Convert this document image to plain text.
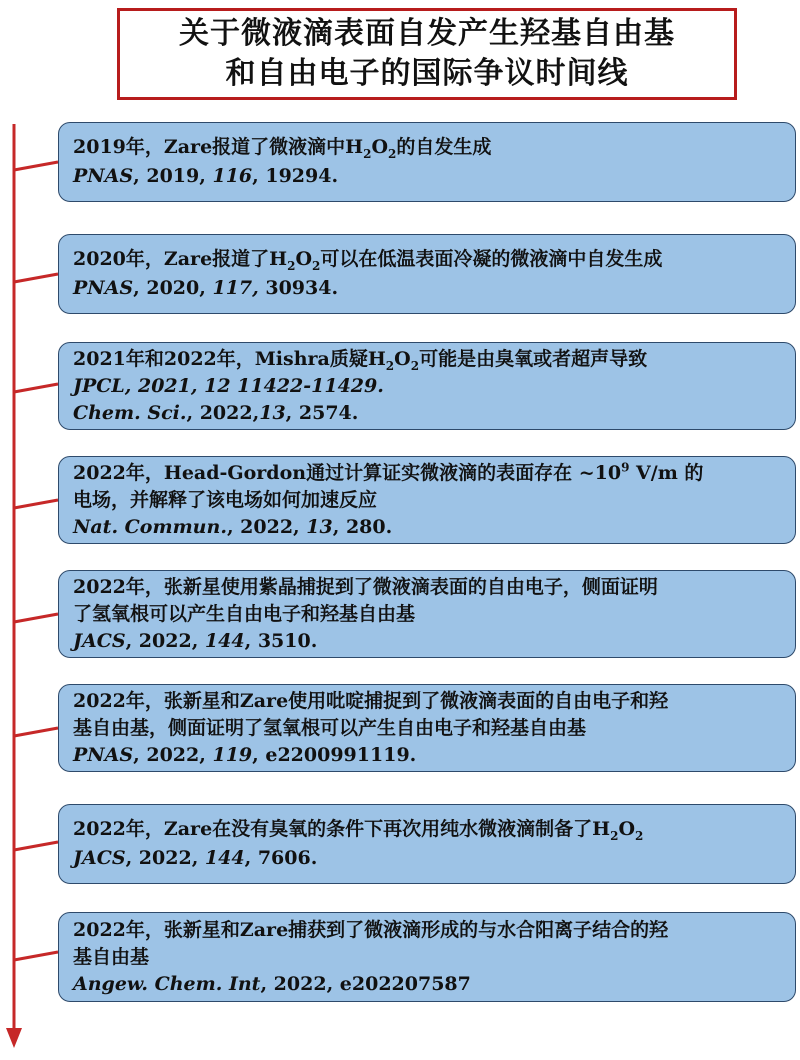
关于微液滴表面自发产生羟基自由基
和自由电子的国际争议时间线
2019年，Zare报道了微液滴中$H_2O_2$的自发生成
PNAS, 2019, 116, 19294.
2020年，Zare报道了$H_2O_2$可以在低温表面冷凝的微液滴中自发生成
PNAS, 2020, 117, 30934.
2021年和2022年，Mishra质疑$H_2O_2$可能是由臭氧或者超声导致
JPCL, 2021, 12 11422-11429.
Chem. Sci., 2022,13, 2574.
2022年，Head-Gordon通过计算证实微液滴的表面存在 $\sim 10^9$ V/m 的
电场，并解释了该电场如何加速反应
Nat. Commun., 2022, 13, 280.
2022年，张新星使用紫晶捕捉到了微液滴表面的自由电子，侧面证明
了氢氧根可以产生自由电子和羟基自由基
JACS, 2022, 144, 3510.
2022年，张新星和Zare使用吡啶捕捉到了微液滴表面的自由电子和羟
基自由基，侧面证明了氢氧根可以产生自由电子和羟基自由基
PNAS, 2022, 119, e2200991119.
2022年，Zare在没有臭氧的条件下再次用纯水微液滴制备了$H_2O_2$
JACS, 2022, 144, 7606.
2022年，张新星和Zare捕获到了微液滴形成的与水合阳离子结合的羟
基自由基
Angew. Chem. Int, 2022, e202207587
